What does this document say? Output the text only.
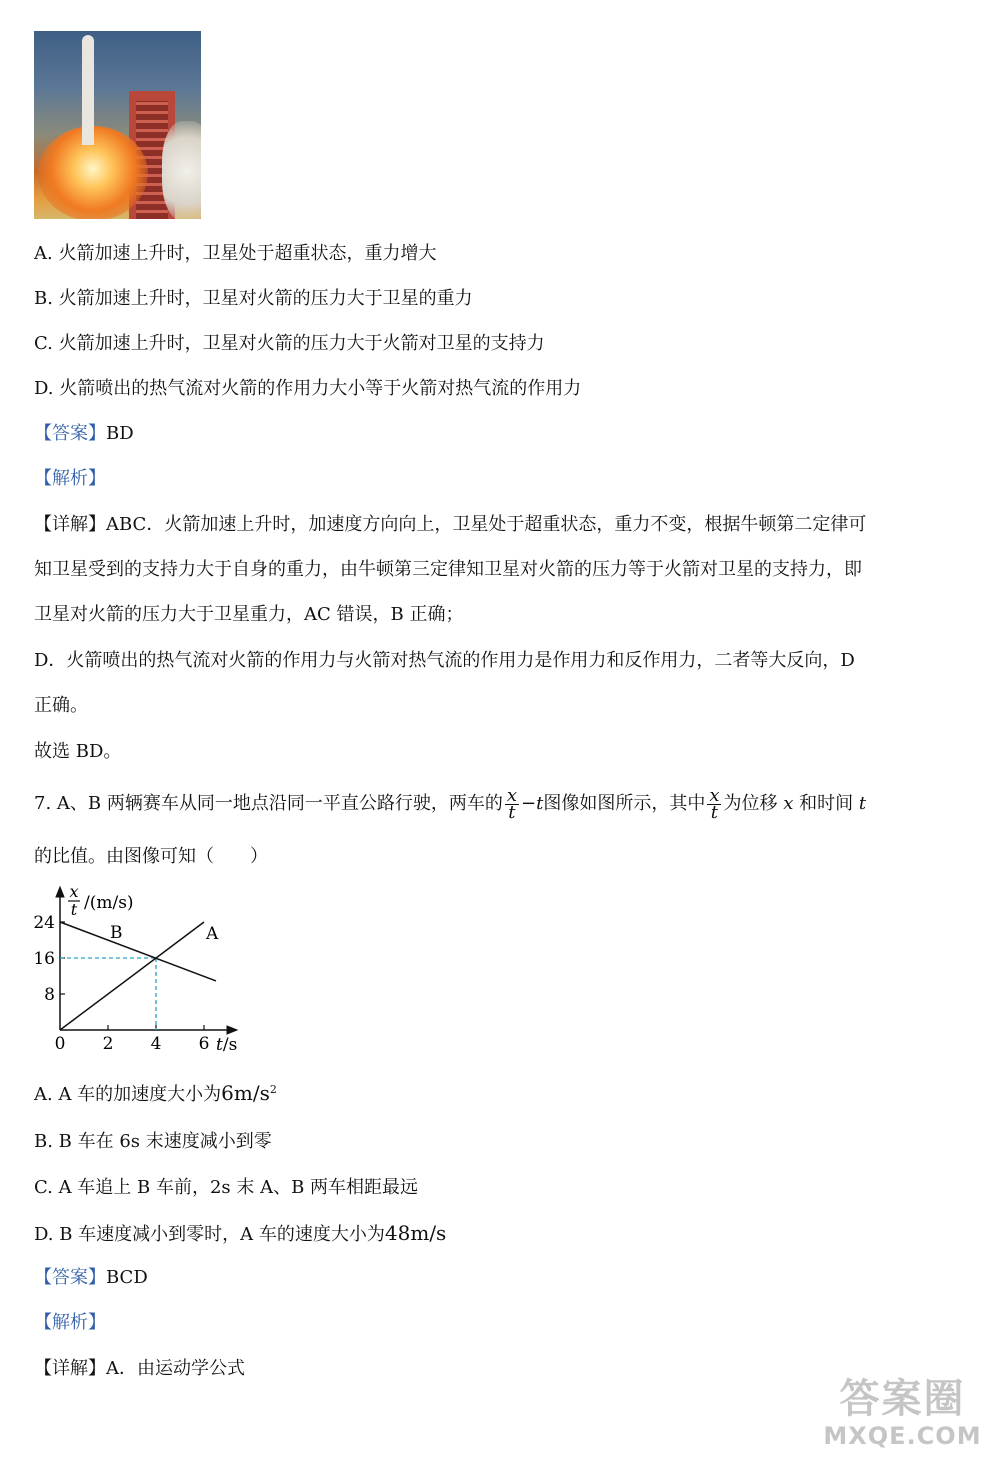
A. 火箭加速上升时，卫星处于超重状态，重力增大
B. 火箭加速上升时，卫星对火箭的压力大于卫星的重力
C. 火箭加速上升时，卫星对火箭的压力大于火箭对卫星的支持力
D. 火箭喷出的热气流对火箭的作用力大小等于火箭对热气流的作用力
【答案】BD
【解析】
【详解】ABC．火箭加速上升时，加速度方向向上，卫星处于超重状态，重力不变，根据牛顿第二定律可
知卫星受到的支持力大于自身的重力，由牛顿第三定律知卫星对火箭的压力等于火箭对卫星的支持力，即
卫星对火箭的压力大于卫星重力，AC 错误，B 正确；
D．火箭喷出的热气流对火箭的作用力与火箭对热气流的作用力是作用力和反作用力，二者等大反向，D
正确。
故选 BD。
7. A、B 两辆赛车从同一地点沿同一平直公路行驶，两车的 $\frac{x}{t} -t$图像如图所示，其中 $\frac{x}{t}$ 为位移 x 和时间 t
的比值。由图像可知（　　）
0 2 4 6
8
16
24
A
B
x
t /(m/s)
t/s
A. A 车的加速度大小为$6m/s^2$
B. B 车在 6s 末速度减小到零
C. A 车追上 B 车前，2s 末 A、B 两车相距最远
D. B 车速度减小到零时，A 车的速度大小为48m/s
【答案】BCD
【解析】
【详解】A．由运动学公式
答案圈
MXQE.COM
